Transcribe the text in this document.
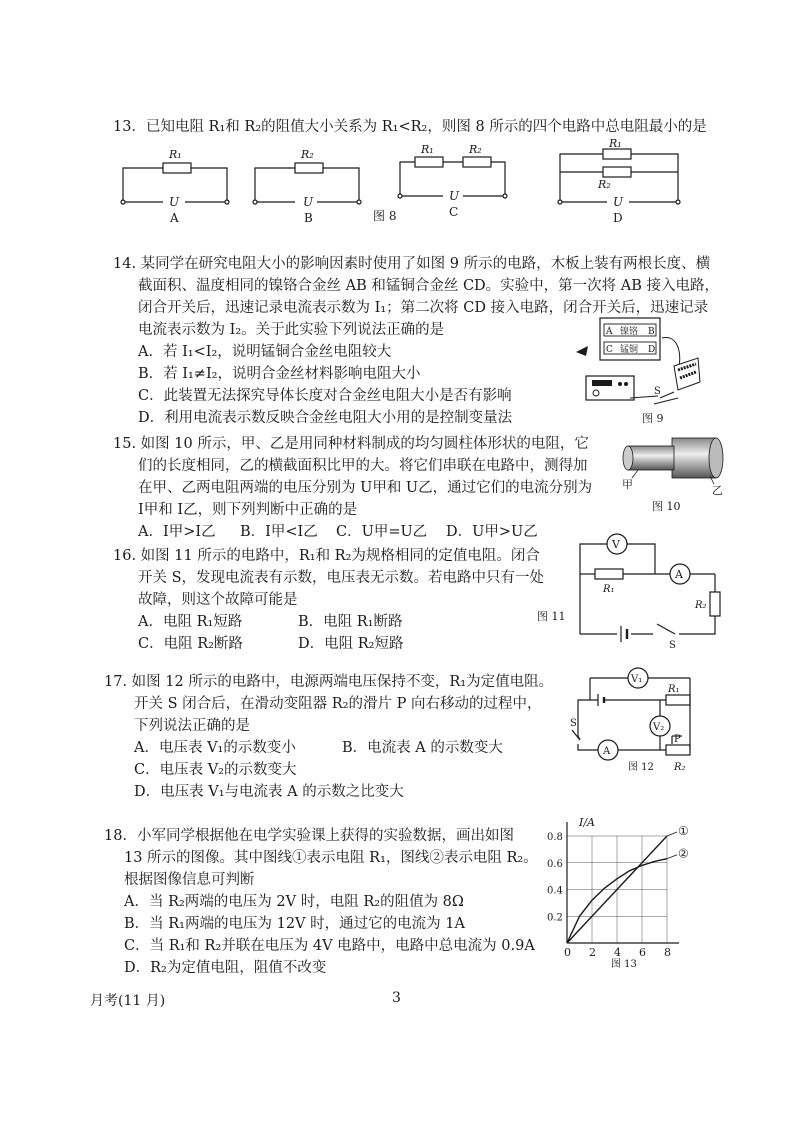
13．已知电阻 R₁和 R₂的阻值大小关系为 R₁<R₂，则图 8 所示的四个电路中总电阻最小的是
R₁
U
A
R₂
U
B	图 8
R₁	R₂
U
C
R₁
R₂
U
D
14. 某同学在研究电阻大小的影响因素时使用了如图 9 所示的电路，木板上装有两根长度、横
截面积、温度相同的镍铬合金丝 AB 和锰铜合金丝 CD。实验中，第一次将 AB 接入电路，
闭合开关后，迅速记录电流表示数为 I₁；第二次将 CD 接入电路，闭合开关后，迅速记录
电流表示数为 I₂。关于此实验下列说法正确的是
A．若 I₁<I₂，说明锰铜合金丝电阻较大
B．若 I₁≠I₂，说明合金丝材料影响电阻大小
C．此装置无法探究导体长度对合金丝电阻大小是否有影响
D．利用电流表示数反映合金丝电阻大小用的是控制变量法
A 镍铬 B
C 锰铜 D
S
图 9
15. 如图 10 所示，甲、乙是用同种材料制成的均匀圆柱体形状的电阻，它
们的长度相同，乙的横截面积比甲的大。将它们串联在电路中，测得加
在甲、乙两电阻两端的电压分别为 U甲和 U乙，通过它们的电流分别为
I甲和 I乙，则下列判断中正确的是
A．I甲>I乙 B．I甲<I乙 C．U甲=U乙 D．U甲>U乙
甲	乙
图 10
16. 如图 11 所示的电路中，R₁和 R₂为规格相同的定值电阻。闭合
开关 S，发现电流表有示数，电压表无示数。若电路中只有一处
故障，则这个故障可能是
A．电阻 R₁短路	B．电阻 R₁断路
C．电阻 R₂断路	D．电阻 R₂短路
V
A
R₁
R₂
S
图 11
17. 如图 12 所示的电路中，电源两端电压保持不变，R₁为定值电阻。
开关 S 闭合后，在滑动变阻器 R₂的滑片 P 向右移动的过程中，
下列说法正确的是
A．电压表 V₁的示数变小	B．电流表 A 的示数变大
C．电压表 V₂的示数变大
D．电压表 V₁与电流表 A 的示数之比变大
V₁
V₂
A
R₁
R₂
P
S
图 12
18．小军同学根据他在电学实验课上获得的实验数据，画出如图
13 所示的图像。其中图线①表示电阻 R₁，图线②表示电阻 R₂。
根据图像信息可判断
A．当 R₂两端的电压为 2V 时，电阻 R₂的阻值为 8Ω
B．当 R₁两端的电压为 12V 时，通过它的电流为 1A
C．当 R₁和 R₂并联在电压为 4V 电路中，电路中总电流为 0.9A
D．R₂为定值电阻，阻值不改变
①
②
0 2 4 6 8
0.2
0.4
0.6
0.8
I/A
图 13
月考(11 月)	3
